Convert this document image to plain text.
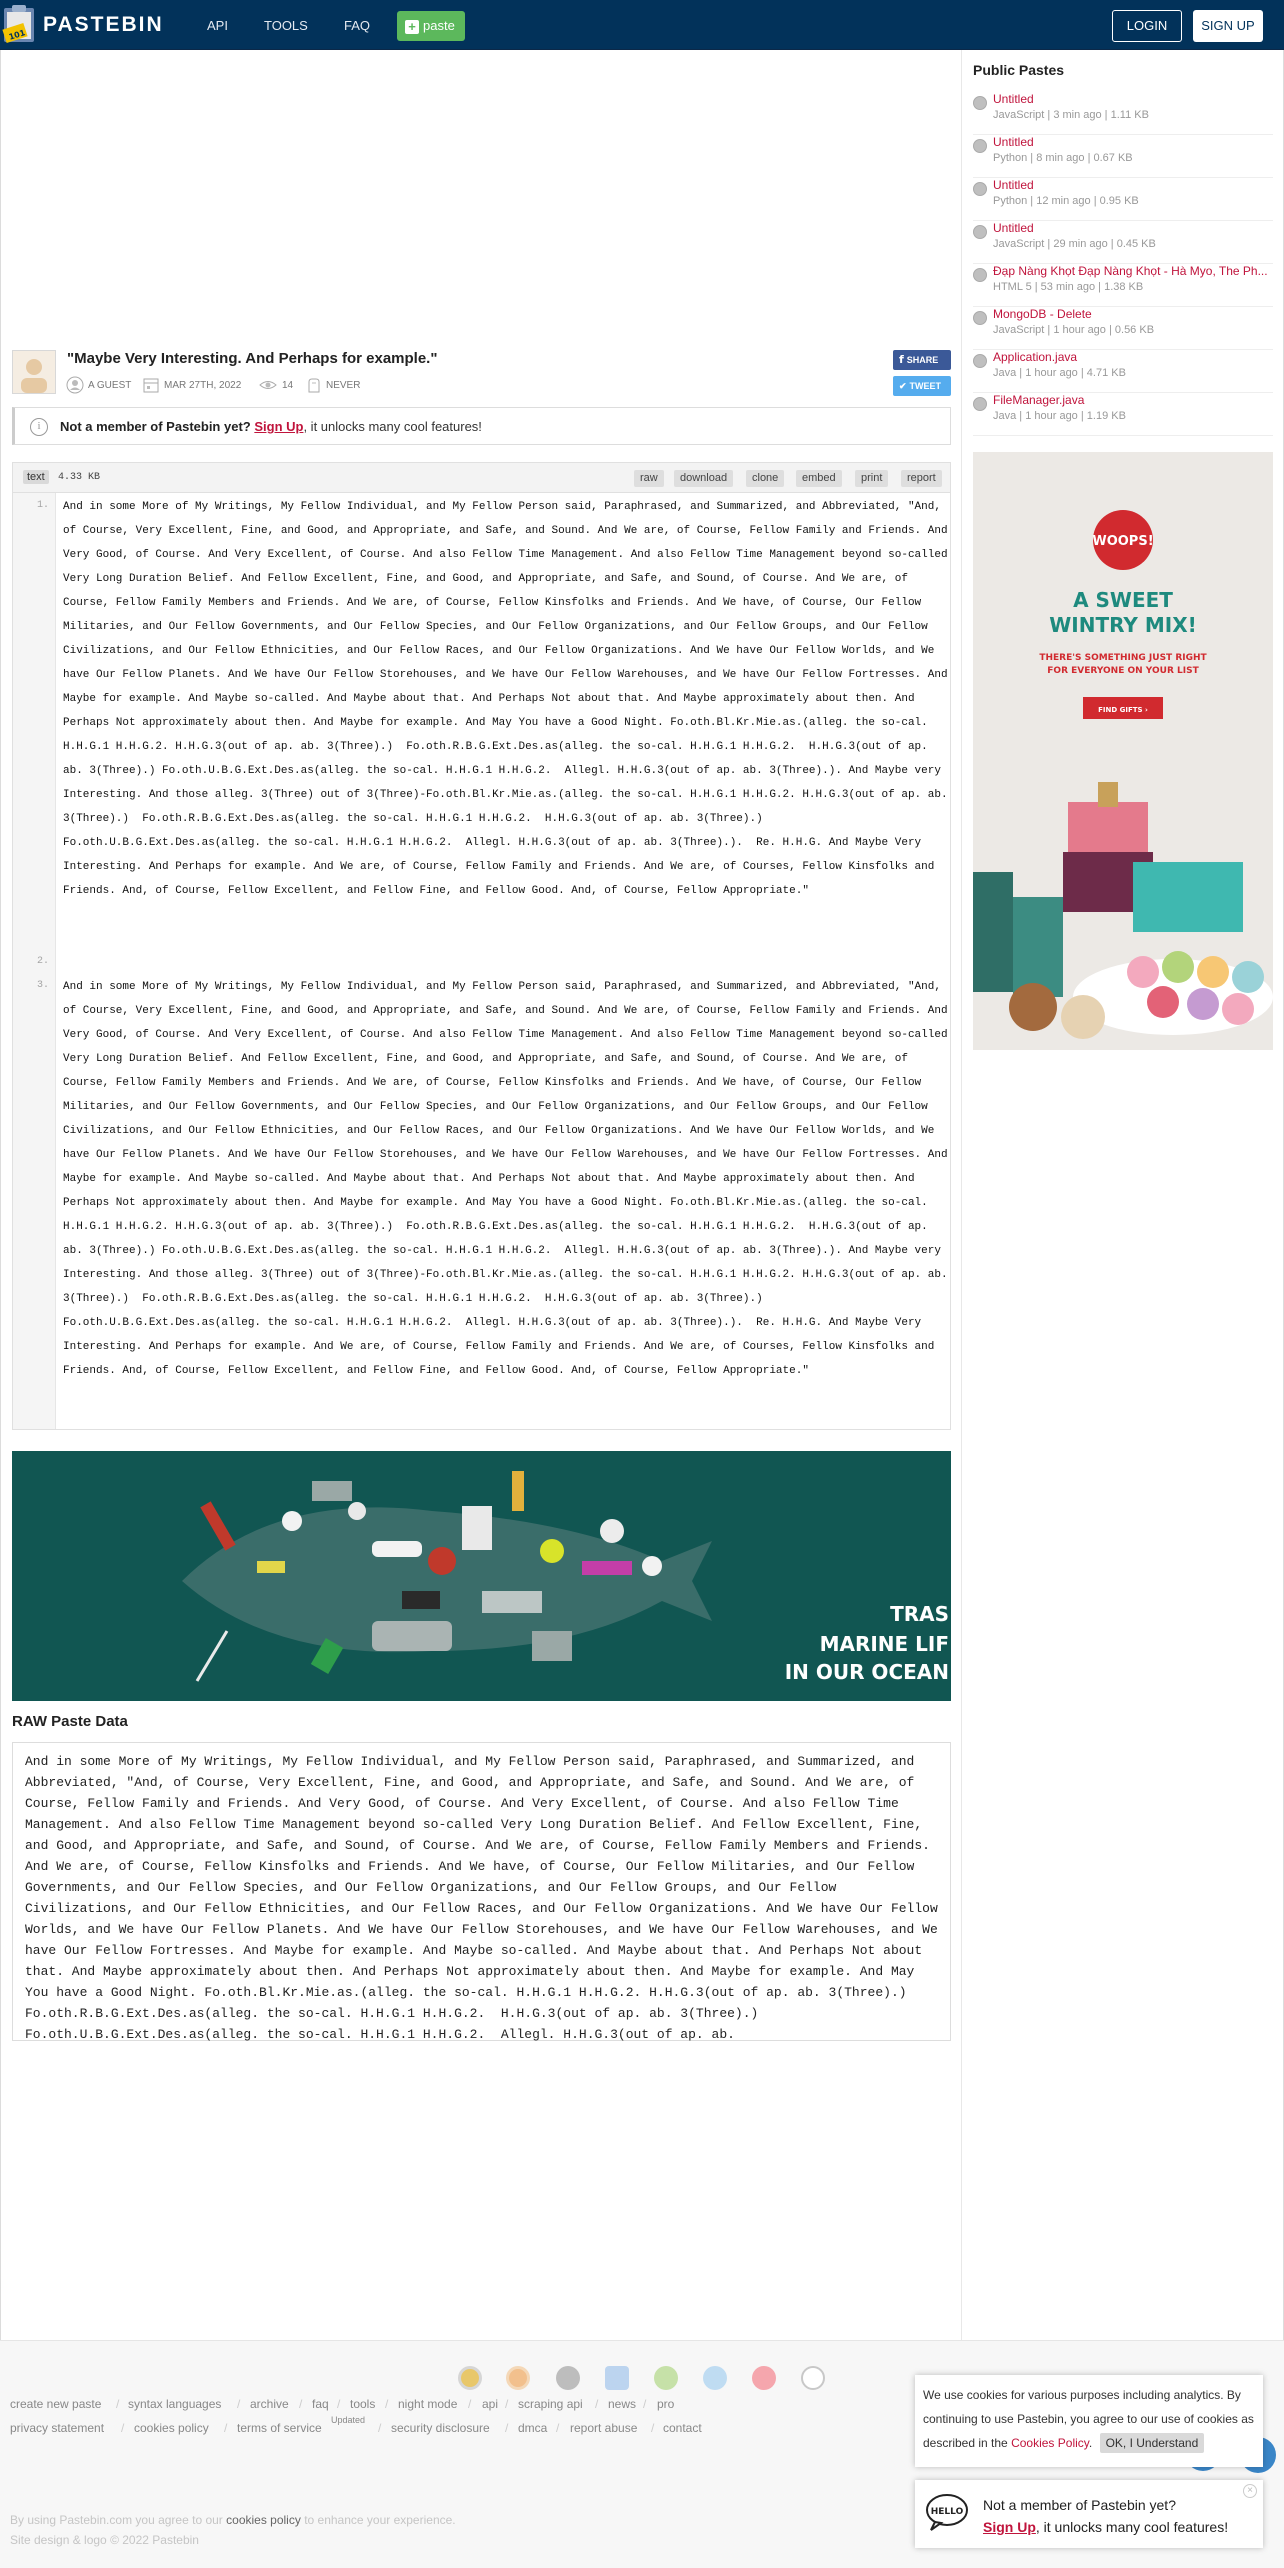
101 PASTEBIN	API	TOOLS	FAQ	+ paste	LOGIN	SIGN UP
Public Pastes
Untitled
JavaScript | 3 min ago | 1.11 KB
Untitled
Python | 8 min ago | 0.67 KB
Untitled
Python | 12 min ago | 0.95 KB
Untitled
JavaScript | 29 min ago | 0.45 KB
Đạp Nàng Khọt Đạp Nàng Khọt - Hà Myo, The Ph...
HTML 5 | 53 min ago | 1.38 KB
MongoDB - Delete
JavaScript | 1 hour ago | 0.56 KB
Application.java
Java | 1 hour ago | 4.71 KB
FileManager.java
Java | 1 hour ago | 1.19 KB
WOOPS!
A SWEET
WINTRY MIX!
THERE'S SOMETHING JUST RIGHT
FOR EVERYONE ON YOUR LIST
FIND GIFTS ›
"Maybe Very Interesting. And Perhaps for example."
A GUEST	MAR 27TH, 2022	14	NEVER
f SHARE
✔ TWEET
i	Not a member of Pastebin yet? Sign Up, it unlocks many cool features!
text	4.33 KB	raw	download	clone	embed	print	report
1.
2.
3.
And in some More of My Writings, My Fellow Individual, and My Fellow Person said, Paraphrased, and Summarized, and Abbreviated, "And, of Course, Very Excellent, Fine, and Good, and Appropriate, and Safe, and Sound. And We are, of Course, Fellow Family and Friends. And Very Good, of Course. And Very Excellent, of Course. And also Fellow Time Management. And also Fellow Time Management beyond so-called Very Long Duration Belief. And Fellow Excellent, Fine, and Good, and Appropriate, and Safe, and Sound, of Course. And We are, of Course, Fellow Family Members and Friends. And We are, of Course, Fellow Kinsfolks and Friends. And We have, of Course, Our Fellow Militaries, and Our Fellow Governments, and Our Fellow Species, and Our Fellow Organizations, and Our Fellow Groups, and Our Fellow Civilizations, and Our Fellow Ethnicities, and Our Fellow Races, and Our Fellow Organizations. And We have Our Fellow Worlds, and We have Our Fellow Planets. And We have Our Fellow Storehouses, and We have Our Fellow Warehouses, and We have Our Fellow Fortresses. And Maybe for example. And Maybe so-called. And Maybe about that. And Perhaps Not about that. And Maybe approximately about then. And Perhaps Not approximately about then. And Maybe for example. And May You have a Good Night. Fo.oth.Bl.Kr.Mie.as.(alleg. the so-cal. H.H.G.1 H.H.G.2. H.H.G.3(out of ap. ab. 3(Three).)  Fo.oth.R.B.G.Ext.Des.as(alleg. the so-cal. H.H.G.1 H.H.G.2.  H.H.G.3(out of ap. ab. 3(Three).) Fo.oth.U.B.G.Ext.Des.as(alleg. the so-cal. H.H.G.1 H.H.G.2.  Allegl. H.H.G.3(out of ap. ab. 3(Three).). And Maybe very Interesting. And those alleg. 3(Three) out of 3(Three)-Fo.oth.Bl.Kr.Mie.as.(alleg. the so-cal. H.H.G.1 H.H.G.2. H.H.G.3(out of ap. ab. 3(Three).)  Fo.oth.R.B.G.Ext.Des.as(alleg. the so-cal. H.H.G.1 H.H.G.2.  H.H.G.3(out of ap. ab. 3(Three).) Fo.oth.U.B.G.Ext.Des.as(alleg. the so-cal. H.H.G.1 H.H.G.2.  Allegl. H.H.G.3(out of ap. ab. 3(Three).).  Re. H.H.G. And Maybe Very Interesting. And Perhaps for example. And We are, of Course, Fellow Family and Friends. And We are, of Courses, Fellow Kinsfolks and Friends. And, of Course, Fellow Excellent, and Fellow Fine, and Fellow Good. And, of Course, Fellow Appropriate."
And in some More of My Writings, My Fellow Individual, and My Fellow Person said, Paraphrased, and Summarized, and Abbreviated, "And, of Course, Very Excellent, Fine, and Good, and Appropriate, and Safe, and Sound. And We are, of Course, Fellow Family and Friends. And Very Good, of Course. And Very Excellent, of Course. And also Fellow Time Management. And also Fellow Time Management beyond so-called Very Long Duration Belief. And Fellow Excellent, Fine, and Good, and Appropriate, and Safe, and Sound, of Course. And We are, of Course, Fellow Family Members and Friends. And We are, of Course, Fellow Kinsfolks and Friends. And We have, of Course, Our Fellow Militaries, and Our Fellow Governments, and Our Fellow Species, and Our Fellow Organizations, and Our Fellow Groups, and Our Fellow Civilizations, and Our Fellow Ethnicities, and Our Fellow Races, and Our Fellow Organizations. And We have Our Fellow Worlds, and We have Our Fellow Planets. And We have Our Fellow Storehouses, and We have Our Fellow Warehouses, and We have Our Fellow Fortresses. And Maybe for example. And Maybe so-called. And Maybe about that. And Perhaps Not about that. And Maybe approximately about then. And Perhaps Not approximately about then. And Maybe for example. And May You have a Good Night. Fo.oth.Bl.Kr.Mie.as.(alleg. the so-cal. H.H.G.1 H.H.G.2. H.H.G.3(out of ap. ab. 3(Three).)  Fo.oth.R.B.G.Ext.Des.as(alleg. the so-cal. H.H.G.1 H.H.G.2.  H.H.G.3(out of ap. ab. 3(Three).) Fo.oth.U.B.G.Ext.Des.as(alleg. the so-cal. H.H.G.1 H.H.G.2.  Allegl. H.H.G.3(out of ap. ab. 3(Three).). And Maybe very Interesting. And those alleg. 3(Three) out of 3(Three)-Fo.oth.Bl.Kr.Mie.as.(alleg. the so-cal. H.H.G.1 H.H.G.2. H.H.G.3(out of ap. ab. 3(Three).)  Fo.oth.R.B.G.Ext.Des.as(alleg. the so-cal. H.H.G.1 H.H.G.2.  H.H.G.3(out of ap. ab. 3(Three).) Fo.oth.U.B.G.Ext.Des.as(alleg. the so-cal. H.H.G.1 H.H.G.2.  Allegl. H.H.G.3(out of ap. ab. 3(Three).).  Re. H.H.G. And Maybe Very Interesting. And Perhaps for example. And We are, of Course, Fellow Family and Friends. And We are, of Courses, Fellow Kinsfolks and Friends. And, of Course, Fellow Excellent, and Fellow Fine, and Fellow Good. And, of Course, Fellow Appropriate."
TRAS
MARINE LIF
IN OUR OCEAN
RAW Paste Data
And in some More of My Writings, My Fellow Individual, and My Fellow Person said, Paraphrased, and Summarized, and Abbreviated, "And, of Course, Very Excellent, Fine, and Good, and Appropriate, and Safe, and Sound. And We are, of Course, Fellow Family and Friends. And Very Good, of Course. And Very Excellent, of Course. And also Fellow Time Management. And also Fellow Time Management beyond so-called Very Long Duration Belief. And Fellow Excellent, Fine, and Good, and Appropriate, and Safe, and Sound, of Course. And We are, of Course, Fellow Family Members and Friends. And We are, of Course, Fellow Kinsfolks and Friends. And We have, of Course, Our Fellow Militaries, and Our Fellow Governments, and Our Fellow Species, and Our Fellow Organizations, and Our Fellow Groups, and Our Fellow Civilizations, and Our Fellow Ethnicities, and Our Fellow Races, and Our Fellow Organizations. And We have Our Fellow Worlds, and We have Our Fellow Planets. And We have Our Fellow Storehouses, and We have Our Fellow Warehouses, and We have Our Fellow Fortresses. And Maybe for example. And Maybe so-called. And Maybe about that. And Perhaps Not about that. And Maybe approximately about then. And Perhaps Not approximately about then. And Maybe for example. And May You have a Good Night. Fo.oth.Bl.Kr.Mie.as.(alleg. the so-cal. H.H.G.1 H.H.G.2. H.H.G.3(out of ap. ab. 3(Three).)  Fo.oth.R.B.G.Ext.Des.as(alleg. the so-cal. H.H.G.1 H.H.G.2.  H.H.G.3(out of ap. ab. 3(Three).) Fo.oth.U.B.G.Ext.Des.as(alleg. the so-cal. H.H.G.1 H.H.G.2.  Allegl. H.H.G.3(out of ap. ab.
create new paste / syntax languages / archive / faq / tools / night mode / api / scraping api / news / pro
privacy statement / cookies policy / terms of service
Updated
/ security disclosure / dmca / report abuse / contact
By using Pastebin.com you agree to our cookies policy to enhance your experience.
Site design & logo © 2022 Pastebin
We use cookies for various purposes including analytics. By continuing to use Pastebin, you agree to our use of cookies as described in the Cookies Policy. OK, I Understand
HELLO Not a member of Pastebin yet?
Sign Up, it unlocks many cool features!
×
